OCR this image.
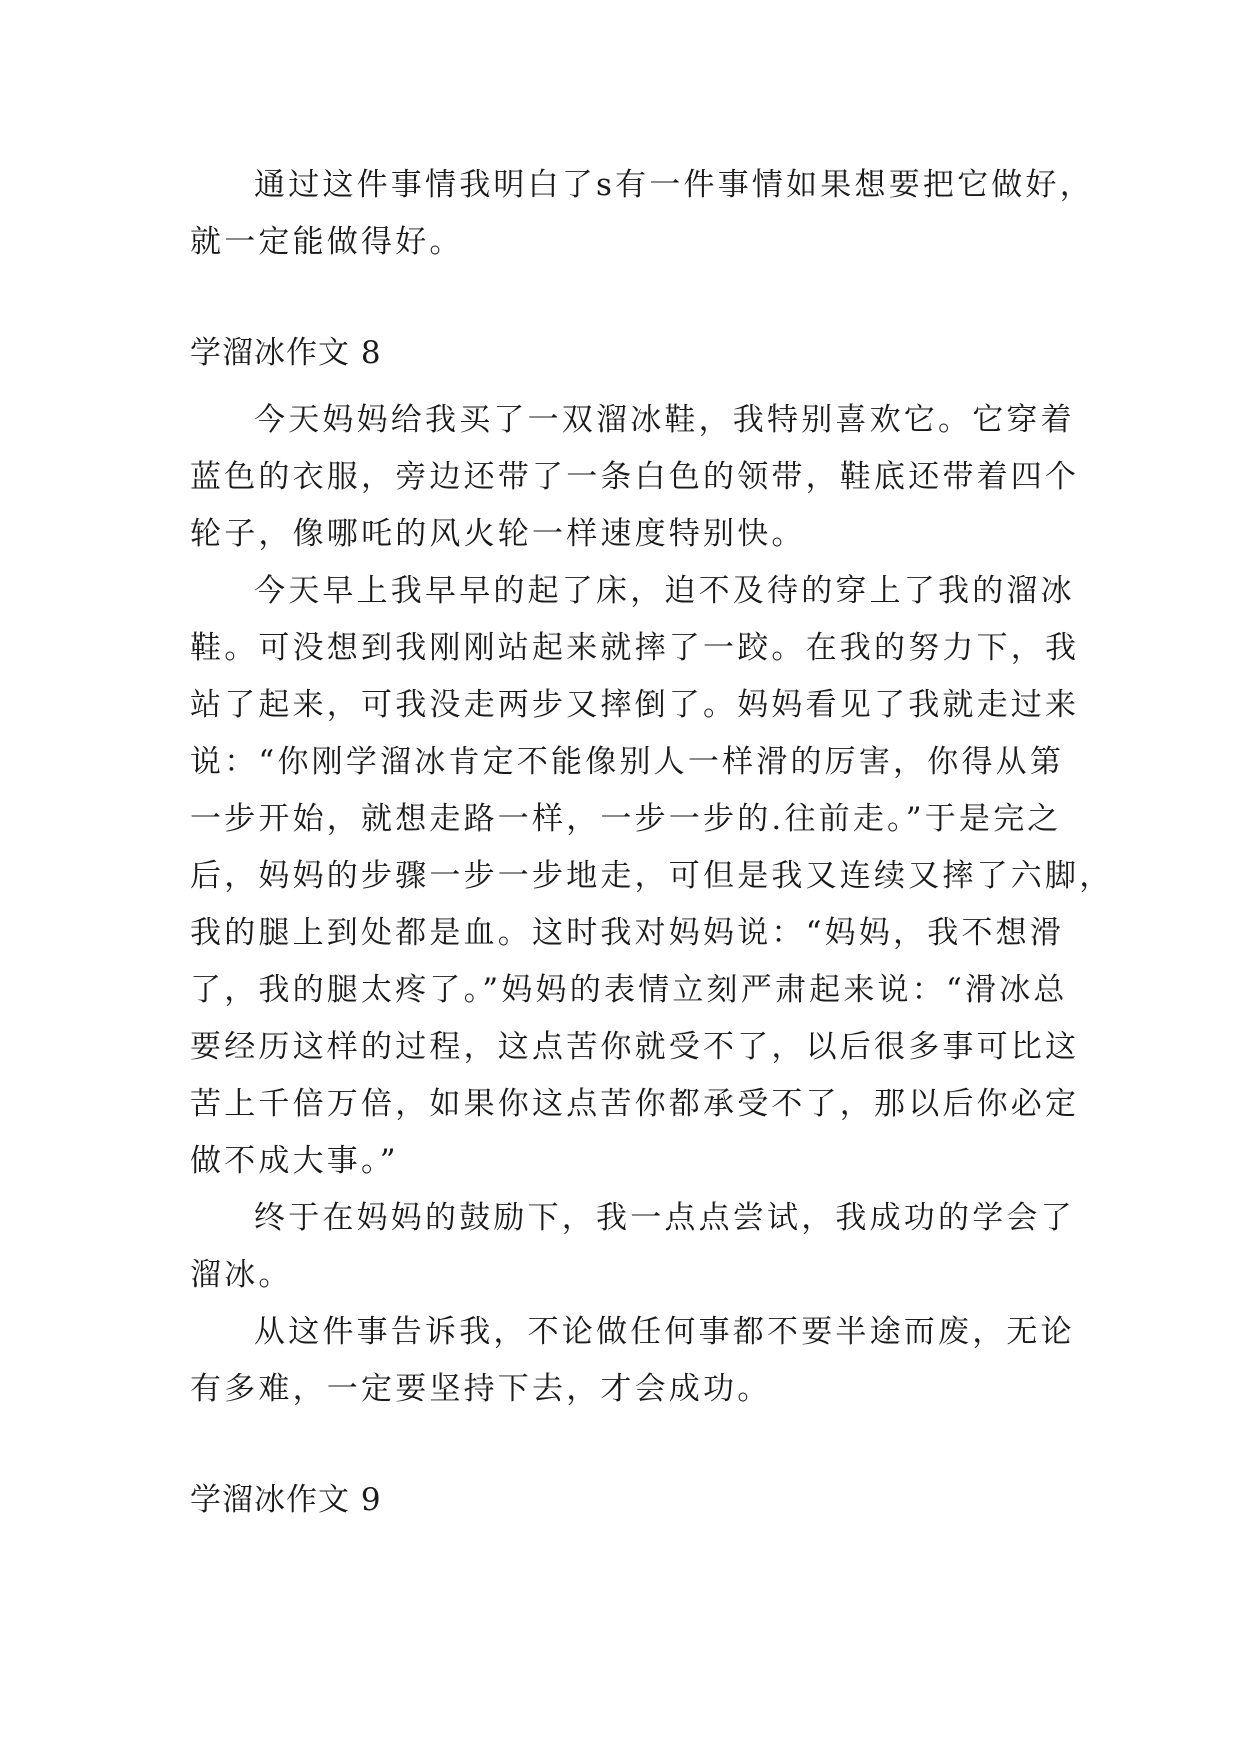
通过这件事情我明白了s有一件事情如果想要把它做好，
就一定能做得好。
学溜冰作文 8
今天妈妈给我买了一双溜冰鞋，我特别喜欢它。它穿着
蓝色的衣服，旁边还带了一条白色的领带，鞋底还带着四个
轮子，像哪吒的风火轮一样速度特别快。
今天早上我早早的起了床，迫不及待的穿上了我的溜冰
鞋。可没想到我刚刚站起来就摔了一跤。在我的努力下，我
站了起来，可我没走两步又摔倒了。妈妈看见了我就走过来
说：“你刚学溜冰肯定不能像别人一样滑的厉害，你得从第
一步开始，就想走路一样，一步一步的.往前走。”于是完之
后，妈妈的步骤一步一步地走，可但是我又连续又摔了六脚，
我的腿上到处都是血。这时我对妈妈说：“妈妈，我不想滑
了，我的腿太疼了。”妈妈的表情立刻严肃起来说：“滑冰总
要经历这样的过程，这点苦你就受不了，以后很多事可比这
苦上千倍万倍，如果你这点苦你都承受不了，那以后你必定
做不成大事。”
终于在妈妈的鼓励下，我一点点尝试，我成功的学会了
溜冰。
从这件事告诉我，不论做任何事都不要半途而废，无论
有多难，一定要坚持下去，才会成功。
学溜冰作文 9
